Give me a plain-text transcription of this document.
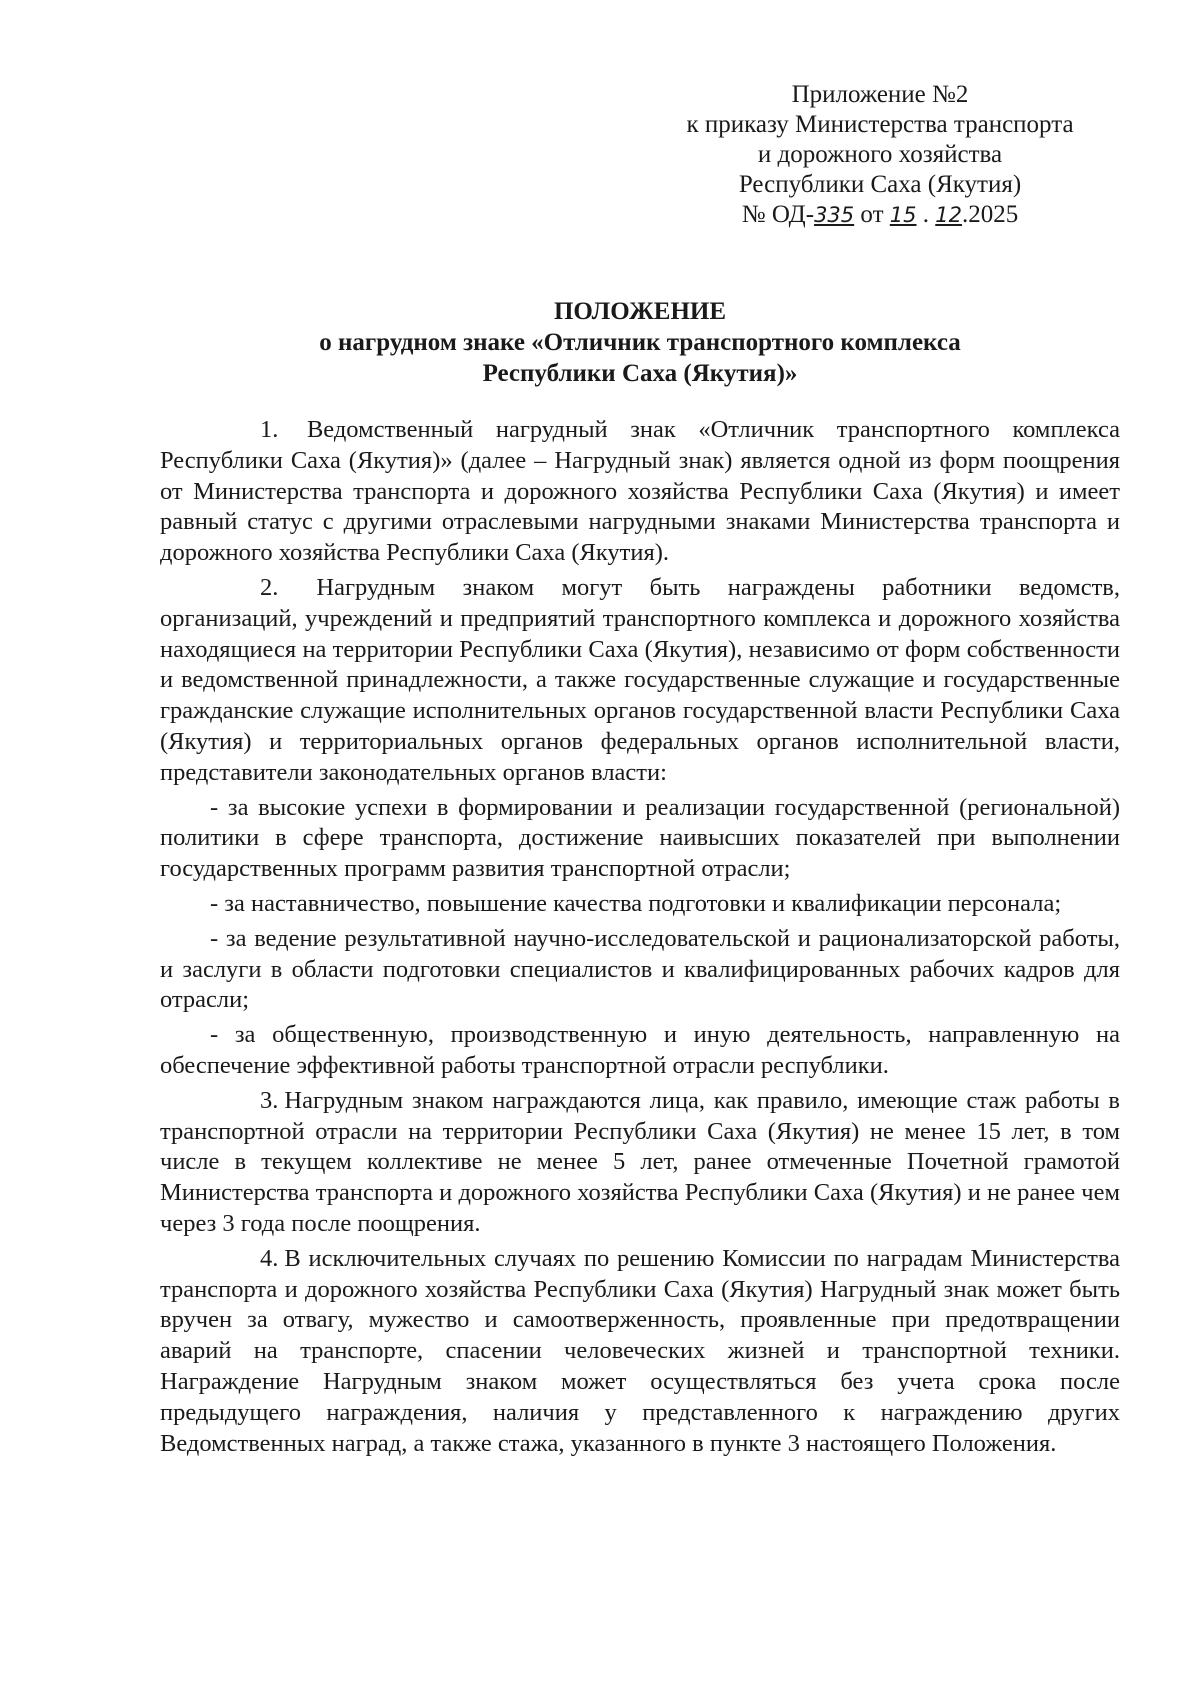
Приложение №2
к приказу Министерства транспорта
и дорожного хозяйства
Республики Саха (Якутия)
№ ОД-335 от 15 . 12.2025
ПОЛОЖЕНИЕ
о нагрудном знаке «Отличник транспортного комплекса
Республики Саха (Якутия)»

1. Ведомственный нагрудный знак «Отличник транспортного комплекса Республики Саха (Якутия)» (далее – Нагрудный знак) является одной из форм поощрения от Министерства транспорта и дорожного хозяйства Республики Саха (Якутия) и имеет равный статус с другими отраслевыми нагрудными знаками Министерства транспорта и дорожного хозяйства Республики Саха (Якутия).

2. Нагрудным знаком могут быть награждены работники ведомств, организаций, учреждений и предприятий транспортного комплекса и дорожного хозяйства находящиеся на территории Республики Саха (Якутия), независимо от форм собственности и ведомственной принадлежности, а также государственные служащие и государственные гражданские служащие исполнительных органов государственной власти Республики Саха (Якутия) и территориальных органов федеральных органов исполнительной власти, представители законодательных органов власти:

- за высокие успехи в формировании и реализации государственной (региональной) политики в сфере транспорта, достижение наивысших показателей при выполнении государственных программ развития транспортной отрасли;

- за наставничество, повышение качества подготовки и квалификации персонала;

- за ведение результативной научно-исследовательской и рационализаторской работы, и заслуги в области подготовки специалистов и квалифицированных рабочих кадров для отрасли;

- за общественную, производственную и иную деятельность, направленную на обеспечение эффективной работы транспортной отрасли республики.

3. Нагрудным знаком награждаются лица, как правило, имеющие стаж работы в транспортной отрасли на территории Республики Саха (Якутия) не менее 15 лет, в том числе в текущем коллективе не менее 5 лет, ранее отмеченные Почетной грамотой Министерства транспорта и дорожного хозяйства Республики Саха (Якутия) и не ранее чем через 3 года после поощрения.

4. В исключительных случаях по решению Комиссии по наградам Министерства транспорта и дорожного хозяйства Республики Саха (Якутия) Нагрудный знак может быть вручен за отвагу, мужество и самоотверженность, проявленные при предотвращении аварий на транспорте, спасении человеческих жизней и транспортной техники. Награждение Нагрудным знаком может осуществляться без учета срока после предыдущего награждения, наличия у представленного к награждению других Ведомственных наград, а также стажа, указанного в пункте 3 настоящего Положения.
